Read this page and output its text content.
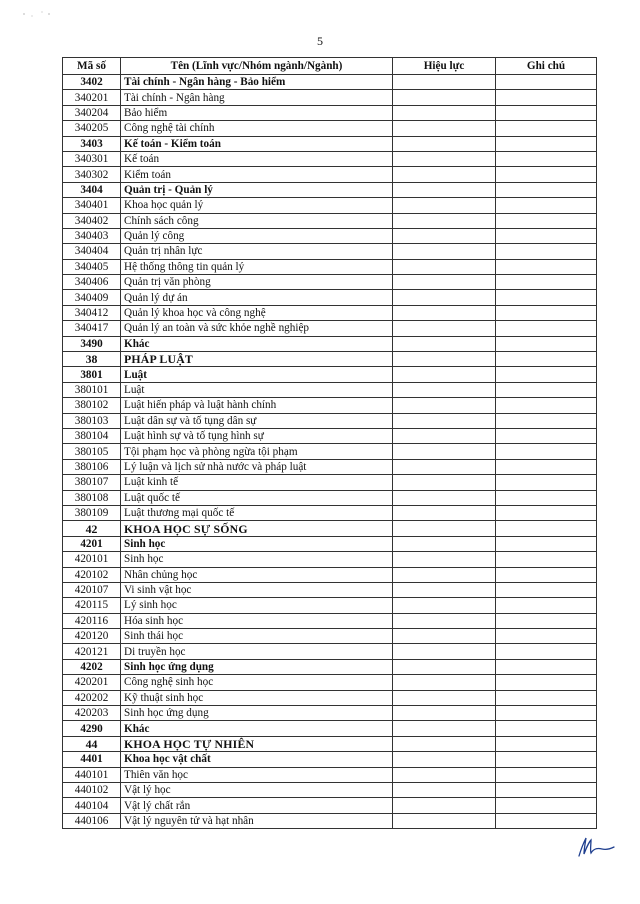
5
Mã số	Tên (Lĩnh vực/Nhóm ngành/Ngành)	Hiệu lực	Ghi chú
3402	Tài chính - Ngân hàng - Bảo hiểm		
340201	Tài chính - Ngân hàng		
340204	Bảo hiểm		
340205	Công nghệ tài chính		
3403	Kế toán - Kiểm toán		
340301	Kế toán		
340302	Kiểm toán		
3404	Quản trị - Quản lý		
340401	Khoa học quản lý		
340402	Chính sách công		
340403	Quản lý công		
340404	Quản trị nhân lực		
340405	Hệ thống thông tin quản lý		
340406	Quản trị văn phòng		
340409	Quản lý dự án		
340412	Quản lý khoa học và công nghệ		
340417	Quản lý an toàn và sức khỏe nghề nghiệp		
3490	Khác		
38	PHÁP LUẬT		
3801	Luật		
380101	Luật		
380102	Luật hiến pháp và luật hành chính		
380103	Luật dân sự và tố tụng dân sự		
380104	Luật hình sự và tố tụng hình sự		
380105	Tội phạm học và phòng ngừa tội phạm		
380106	Lý luận và lịch sử nhà nước và pháp luật		
380107	Luật kinh tế		
380108	Luật quốc tế		
380109	Luật thương mại quốc tế		
42	KHOA HỌC SỰ SỐNG		
4201	Sinh học		
420101	Sinh học		
420102	Nhân chủng học		
420107	Vi sinh vật học		
420115	Lý sinh học		
420116	Hóa sinh học		
420120	Sinh thái học		
420121	Di truyền học		
4202	Sinh học ứng dụng		
420201	Công nghệ sinh học		
420202	Kỹ thuật sinh học		
420203	Sinh học ứng dụng		
4290	Khác		
44	KHOA HỌC TỰ NHIÊN		
4401	Khoa học vật chất		
440101	Thiên văn học		
440102	Vật lý học		
440104	Vật lý chất rắn		
440106	Vật lý nguyên tử và hạt nhân		
